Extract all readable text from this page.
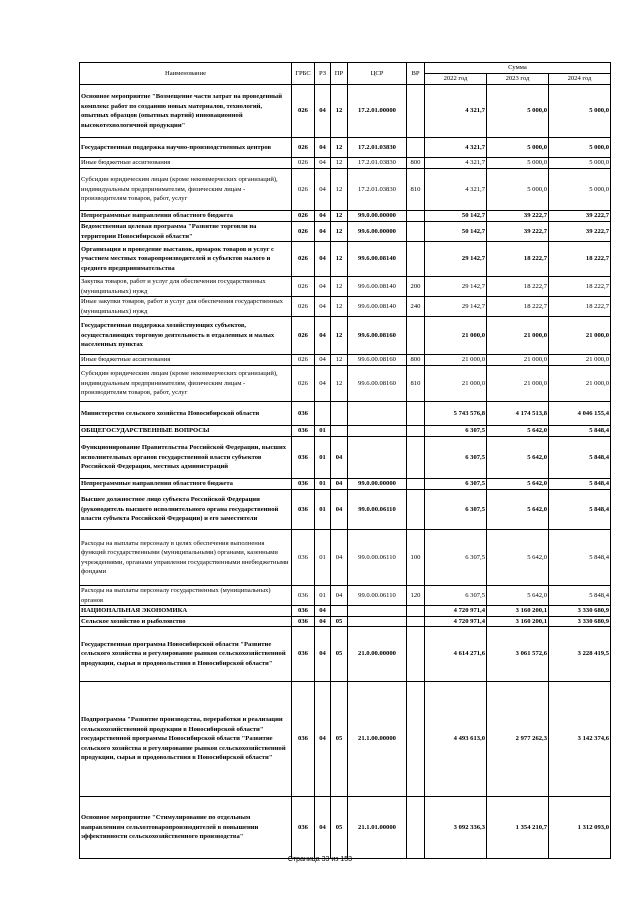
Наименование	ГРБС	РЗ	ПР	ЦСР	ВР	Сумма		
						2022 год	2023 год	2024 год
Основное мероприятие "Возмещение части затрат на проведенный комплекс работ по созданию новых материалов, технологий, опытных образцов (опытных партий) инновационной высокотехнологичной продукции"	026	04	12	17.2.01.00000		4 321,7	5 000,0	5 000,0
Государственная поддержка научно-производственных центров	026	04	12	17.2.01.03830		4 321,7	5 000,0	5 000,0
Иные бюджетные ассигнования	026	04	12	17.2.01.03830	800	4 321,7	5 000,0	5 000,0
Субсидии юридическим лицам (кроме некоммерческих организаций), индивидуальным предпринимателям, физическим лицам - производителям товаров, работ, услуг	026	04	12	17.2.01.03830	810	4 321,7	5 000,0	5 000,0
Непрограммные направления областного бюджета	026	04	12	99.0.00.00000		50 142,7	39 222,7	39 222,7
Ведомственная целевая программа "Развитие торговли на территории Новосибирской области"	026	04	12	99.6.00.00000		50 142,7	39 222,7	39 222,7
Организация и проведение выставок, ярмарок товаров и услуг с участием местных товаропроизводителей и субъектов малого и среднего предпринимательства	026	04	12	99.6.00.08140		29 142,7	18 222,7	18 222,7
Закупка товаров, работ и услуг для обеспечения государственных (муниципальных) нужд	026	04	12	99.6.00.08140	200	29 142,7	18 222,7	18 222,7
Иные закупки товаров, работ и услуг для обеспечения государственных (муниципальных) нужд	026	04	12	99.6.00.08140	240	29 142,7	18 222,7	18 222,7
Государственная поддержка хозяйствующих субъектов, осуществляющих торговую деятельность в отдаленных и малых населенных пунктах	026	04	12	99.6.00.08160		21 000,0	21 000,0	21 000,0
Иные бюджетные ассигнования	026	04	12	99.6.00.08160	800	21 000,0	21 000,0	21 000,0
Субсидии юридическим лицам (кроме некоммерческих организаций), индивидуальным предпринимателям, физическим лицам - производителям товаров, работ, услуг	026	04	12	99.6.00.08160	810	21 000,0	21 000,0	21 000,0
Министерство сельского хозяйства Новосибирской области	036					5 743 576,8	4 174 513,8	4 046 155,4
ОБЩЕГОСУДАРСТВЕННЫЕ ВОПРОСЫ	036	01				6 307,5	5 642,0	5 848,4
Функционирование Правительства Российской Федерации, высших исполнительных органов государственной власти субъектов Российской Федерации, местных администраций	036	01	04			6 307,5	5 642,0	5 848,4
Непрограммные направления областного бюджета	036	01	04	99.0.00.00000		6 307,5	5 642,0	5 848,4
Высшее должностное лицо субъекта Российской Федерации (руководитель высшего исполнительного органа государственной власти субъекта Российской Федерации) и его заместители	036	01	04	99.0.00.06110		6 307,5	5 642,0	5 848,4
Расходы на выплаты персоналу в целях обеспечения выполнения функций государственными (муниципальными) органами, казенными учреждениями, органами управления государственными внебюджетными фондами	036	01	04	99.0.00.06110	100	6 307,5	5 642,0	5 848,4
Расходы на выплаты персоналу государственных (муниципальных) органов	036	01	04	99.0.00.06110	120	6 307,5	5 642,0	5 848,4
НАЦИОНАЛЬНАЯ ЭКОНОМИКА	036	04				4 720 971,4	3 160 200,1	3 330 680,9
Сельское хозяйство и рыболовство	036	04	05			4 720 971,4	3 160 200,1	3 330 680,9
Государственная программа Новосибирской области "Развитие сельского хозяйства и регулирование рынков сельскохозяйственной продукции, сырья и продовольствия в Новосибирской области"	036	04	05	21.0.00.00000		4 614 271,6	3 061 572,6	3 228 419,5
Подпрограмма "Развитие производства, переработки и реализации сельскохозяйственной продукции в Новосибирской области" государственной программы Новосибирской области "Развитие сельского хозяйства и регулирование рынков сельскохозяйственной продукции, сырья и продовольствия в Новосибирской области"	036	04	05	21.1.00.00000		4 493 613,0	2 977 262,3	3 142 374,6
Основное мероприятие "Стимулирование по отдельным направлениям сельхозтоваропроизводителей в повышении эффективности сельскохозяйственного производства"	036	04	05	21.1.01.00000		3 092 336,3	1 354 210,7	1 312 093,0
Страница 33 из 153
